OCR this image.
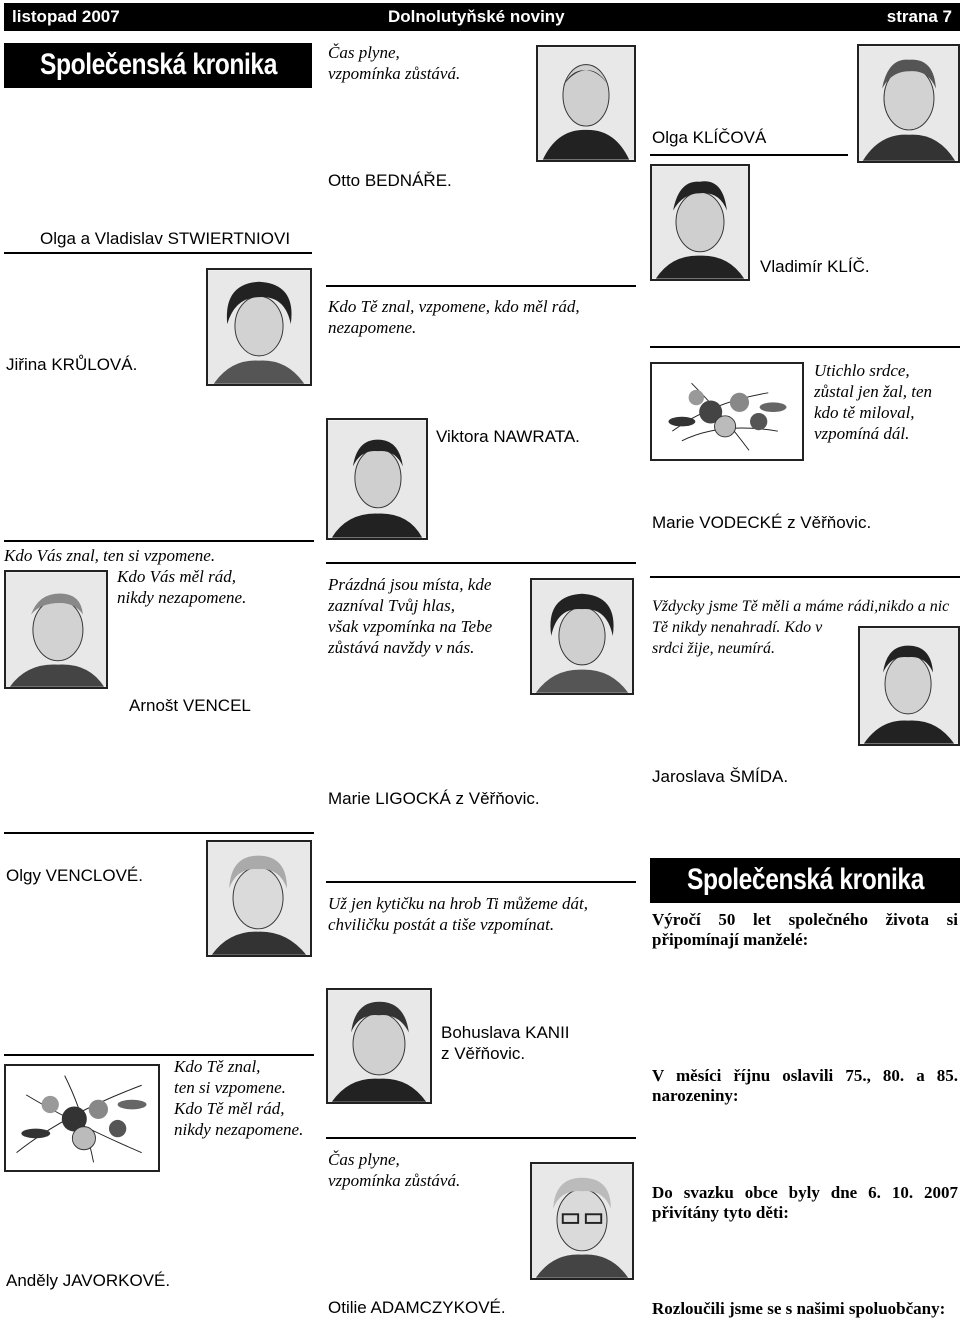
listopad 2007	Dolnolutyňské noviny	strana 7
Společenská kronika	Čas plyne,
vzpomínka zůstává.
Otto BEDNÁŘE.
Olga KLÍČOVÁ
Vladimír KLÍČ.
Olga a Vladislav STWIERTNIOVI
Jiřina KRŮLOVÁ.
Kdo Tě znal, vzpomene, kdo měl rád,
nezapomene.
Viktora NAWRATA.
Utichlo srdce,
zůstal jen žal, ten
kdo tě miloval,
vzpomíná dál.
Marie VODECKÉ z Věřňovic.
Kdo Vás znal, ten si vzpomene.
Kdo Vás měl rád,
nikdy nezapomene.
Arnošt VENCEL
Prázdná jsou místa, kde
zazníval Tvůj hlas,
však vzpomínka na Tebe
zůstává navždy v nás.
Marie LIGOCKÁ z Věřňovic.
Vždycky jsme Tě měli a máme rádi,nikdo a nic
Tě nikdy nenahradí. Kdo v
srdci žije, neumírá.
Jaroslava ŠMÍDA.
Olgy VENCLOVÉ.
Už jen kytičku na hrob Ti můžeme dát,
chviličku postát a tiše vzpomínat.
Společenská kronika
Výročí 50 let společného života si
připomínají manželé:
Kdo Tě znal,
ten si vzpomene.
Kdo Tě měl rád,
nikdy nezapomene.
Anděly JAVORKOVÉ.
Bohuslava KANII
z Věřňovic.
Čas plyne,
vzpomínka zůstává.
Otilie ADAMCZYKOVÉ.
V měsíci říjnu oslavili 75., 80. a 85.
narozeniny:
Do svazku obce byly dne 6. 10. 2007
přivítány tyto děti:
Rozloučili jsme se s našimi spoluobčany:
